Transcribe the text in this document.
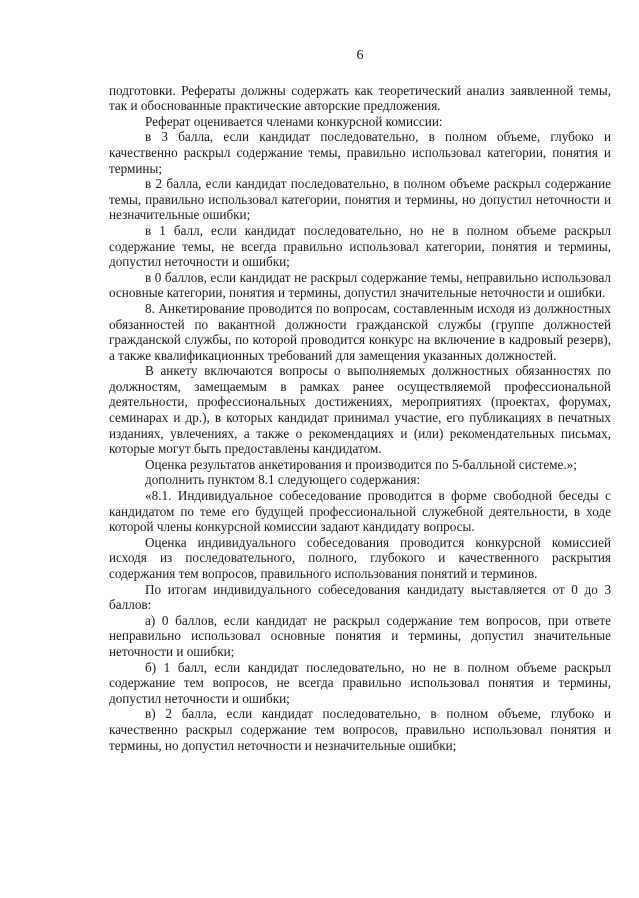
6

подготовки. Рефераты должны содержать как теоретический анализ заявленной темы, так и обоснованные практические авторские предложения.

Реферат оценивается членами конкурсной комиссии:

в 3 балла, если кандидат последовательно, в полном объеме, глубоко и качественно раскрыл содержание темы, правильно использовал категории, понятия и термины;

в 2 балла, если кандидат последовательно, в полном объеме раскрыл содержание темы, правильно использовал категории, понятия и термины, но допустил неточности и незначительные ошибки;

в 1 балл, если кандидат последовательно, но не в полном объеме раскрыл содержание темы, не всегда правильно использовал категории, понятия и термины, допустил неточности и ошибки;

в 0 баллов, если кандидат не раскрыл содержание темы, неправильно использовал основные категории, понятия и термины, допустил значительные неточности и ошибки.

8. Анкетирование проводится по вопросам, составленным исходя из должностных обязанностей по вакантной должности гражданской службы (группе должностей гражданской службы, по которой проводится конкурс на включение в кадровый резерв), а также квалификационных требований для замещения указанных должностей.

В анкету включаются вопросы о выполняемых должностных обязанностях по должностям, замещаемым в рамках ранее осуществляемой профессиональной деятельности, профессиональных достижениях, мероприятиях (проектах, форумах, семинарах и др.), в которых кандидат принимал участие, его публикациях в печатных изданиях, увлечениях, а также о рекомендациях и (или) рекомендательных письмах, которые могут быть предоставлены кандидатом.

Оценка результатов анкетирования и производится по 5-балльной системе.»;

дополнить пунктом 8.1 следующего содержания:

«8.1. Индивидуальное собеседование проводится в форме свободной беседы с кандидатом по теме его будущей профессиональной служебной деятельности, в ходе которой члены конкурсной комиссии задают кандидату вопросы.

Оценка индивидуального собеседования проводится конкурсной комиссией исходя из последовательного, полного, глубокого и качественного раскрытия содержания тем вопросов, правильного использования понятий и терминов.

По итогам индивидуального собеседования кандидату выставляется от 0 до 3 баллов:

а) 0 баллов, если кандидат не раскрыл содержание тем вопросов, при ответе неправильно использовал основные понятия и термины, допустил значительные неточности и ошибки;

б) 1 балл, если кандидат последовательно, но не в полном объеме раскрыл содержание тем вопросов, не всегда правильно использовал понятия и термины, допустил неточности и ошибки;

в) 2 балла, если кандидат последовательно, в полном объеме, глубоко и качественно раскрыл содержание тем вопросов, правильно использовал понятия и термины, но допустил неточности и незначительные ошибки;
